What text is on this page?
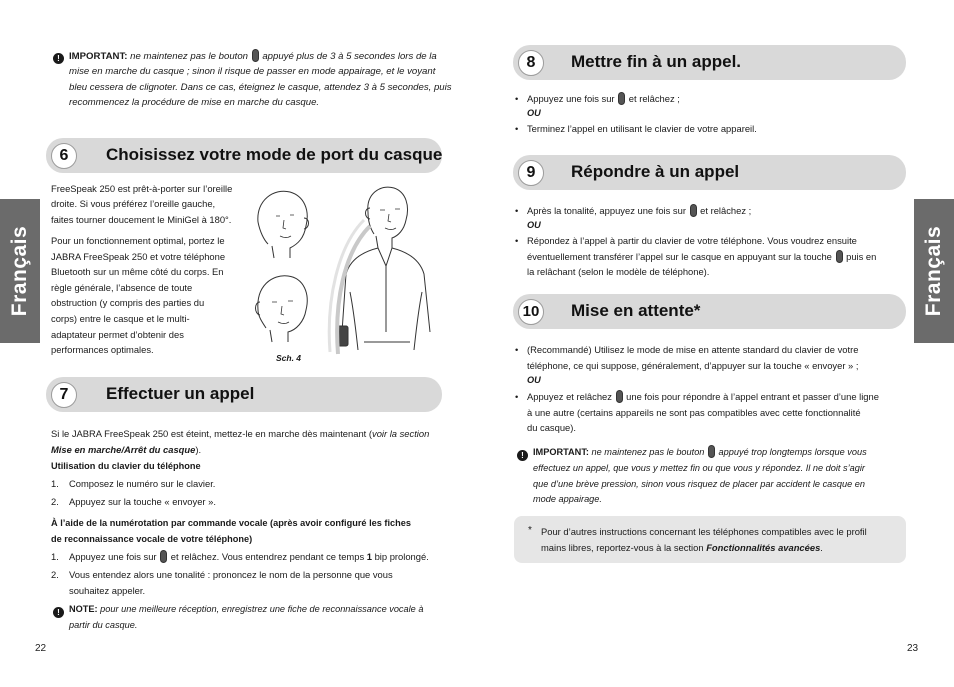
Français	Français
! IMPORTANT: ne maintenez pas le bouton appuyé plus de 3 à 5 secondes lors de la
mise en marche du casque ; sinon il risque de passer en mode appairage, et le voyant
bleu cessera de clignoter. Dans ce cas, éteignez le casque, attendez 3 à 5 secondes, puis
recommencez la procédure de mise en marche du casque.
6	Choisissez votre mode de port du casque
FreeSpeak 250 est prêt-à-porter sur l’oreille
droite. Si vous préférez l’oreille gauche,
faites tourner doucement le MiniGel à 180°.
Pour un fonctionnement optimal, portez le
JABRA FreeSpeak 250 et votre téléphone
Bluetooth sur un même côté du corps. En
règle générale, l’absence de toute
obstruction (y compris des parties du
corps) entre le casque et le multi-
adaptateur permet d’obtenir des
performances optimales.
Sch. 4
7	Effectuer un appel
Si le JABRA FreeSpeak 250 est éteint, mettez-le en marche dès maintenant (voir la section
Mise en marche/Arrêt du casque).
Utilisation du clavier du téléphone
1. Composez le numéro sur le clavier.
2. Appuyez sur la touche « envoyer ».
À l’aide de la numérotation par commande vocale (après avoir configuré les fiches
de reconnaissance vocale de votre téléphone)
1. Appuyez une fois sur et relâchez. Vous entendrez pendant ce temps 1 bip prolongé.
2. Vous entendez alors une tonalité : prononcez le nom de la personne que vous
souhaitez appeler.
! NOTE: pour une meilleure réception, enregistrez une fiche de reconnaissance vocale à
partir du casque.
22
8	Mettre fin à un appel.
• Appuyez une fois sur et relâchez ;
OU
• Terminez l’appel en utilisant le clavier de votre appareil.
9	Répondre à un appel
• Après la tonalité, appuyez une fois sur et relâchez ;
OU
• Répondez à l’appel à partir du clavier de votre téléphone. Vous voudrez ensuite
éventuellement transférer l’appel sur le casque en appuyant sur la touche puis en
la relâchant (selon le modèle de téléphone).
10 Mise en attente*
• (Recommandé) Utilisez le mode de mise en attente standard du clavier de votre
téléphone, ce qui suppose, généralement, d’appuyer sur la touche « envoyer » ;
OU
• Appuyez et relâchez une fois pour répondre à l’appel entrant et passer d’une ligne
à une autre (certains appareils ne sont pas compatibles avec cette fonctionnalité
du casque).
! IMPORTANT: ne maintenez pas le bouton appuyé trop longtemps lorsque vous
effectuez un appel, que vous y mettez fin ou que vous y répondez. Il ne doit s’agir
que d’une brève pression, sinon vous risquez de placer par accident le casque en
mode appairage.
* Pour d’autres instructions concernant les téléphones compatibles avec le profil
mains libres, reportez-vous à la section Fonctionnalités avancées.
23
